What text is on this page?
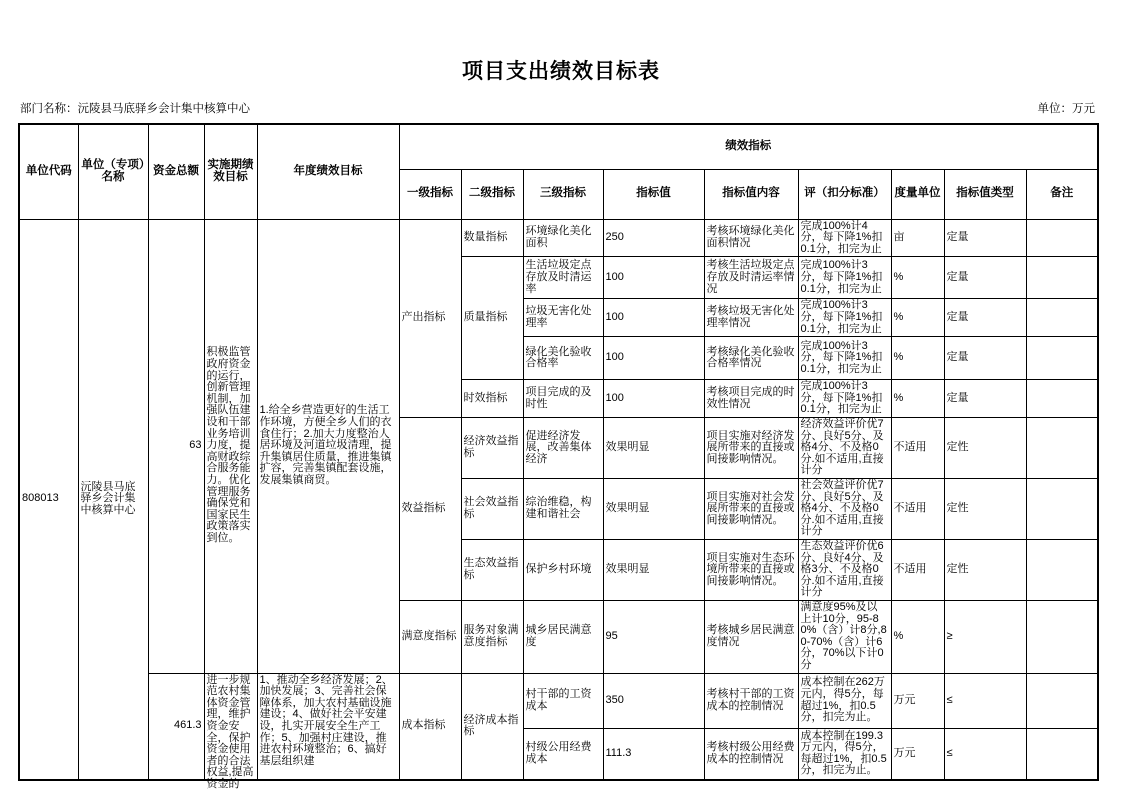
项目支出绩效目标表
部门名称：沅陵县马底驿乡会计集中核算中心	单位：万元
单位代码	单位（专项）名称	资金总额	实施期绩效目标	年度绩效目标	绩效指标								
					一级指标	二级指标	三级指标	指标值	指标值内容	评（扣分标准）	度量单位	指标值类型	备注
808013	沅陵县马底驿乡会计集中核算中心	63	积极监管政府资金的运行，创新管理机制，加强队伍建设和干部业务培训力度，提高财政综合服务能力。优化管理服务确保党和国家民生政策落实到位。	1.给全乡营造更好的生活工作环境，方便全乡人们的衣食住行；2.加大力度整治人居环境及河道垃圾清理，提升集镇居住质量，推进集镇扩容，完善集镇配套设施，发展集镇商贸。	产出指标	数量指标	环境绿化美化面积	250	考核环境绿化美化面积情况	完成100%计4分，每下降1%扣0.1分，扣完为止	亩	定量	
						质量指标	生活垃圾定点存放及时清运率	100	考核生活垃圾定点存放及时清运率情况	完成100%计3分，每下降1%扣0.1分，扣完为止	%	定量	
							垃圾无害化处理率	100	考核垃圾无害化处理率情况	完成100%计3分，每下降1%扣0.1分，扣完为止	%	定量	
							绿化美化验收合格率	100	考核绿化美化验收合格率情况	完成100%计3分，每下降1%扣0.1分，扣完为止	%	定量	
						时效指标	项目完成的及时性	100	考核项目完成的时效性情况	完成100%计3分，每下降1%扣0.1分，扣完为止	%	定量	
					效益指标	经济效益指标	促进经济发展，改善集体经济	效果明显	项目实施对经济发展所带来的直接或间接影响情况。	经济效益评价优7分、良好5分、及格4分、不及格0分.如不适用,直接计分	不适用	定性	
						社会效益指标	综治维稳，构建和谐社会	效果明显	项目实施对社会发展所带来的直接或间接影响情况。	社会效益评价优7分、良好5分、及格4分、不及格0分.如不适用,直接计分	不适用	定性	
						生态效益指标	保护乡村环境	效果明显	项目实施对生态环境所带来的直接或间接影响情况。	生态效益评价优6分、良好4分、及格3分、不及格0分.如不适用,直接计分	不适用	定性	
					满意度指标	服务对象满意度指标	城乡居民满意度	95	考核城乡居民满意度情况	满意度95%及以上计10分，95-80%（含）计8分,80-70%（含）计6分，70%以下计0分	%	≥	
		461.3	进一步规范农村集体资金管理，维护资金安全，保护资金使用者的合法权益,提高资金的	1、推动全乡经济发展；2、加快发展；3、完善社会保障体系，加大农村基础设施建设；4、做好社会平安建设，扎实开展安全生产工作；5、加强村庄建设，推进农村环境整治；6、搞好基层组织建	成本指标	经济成本指标	村干部的工资成本	350	考核村干部的工资成本的控制情况	成本控制在262万元内，得5分，每超过1%，扣0.5分，扣完为止。	万元	≤	
							村级公用经费成本	111.3	考核村级公用经费成本的控制情况	成本控制在199.3万元内，得5分，每超过1%，扣0.5分，扣完为止。	万元	≤	
